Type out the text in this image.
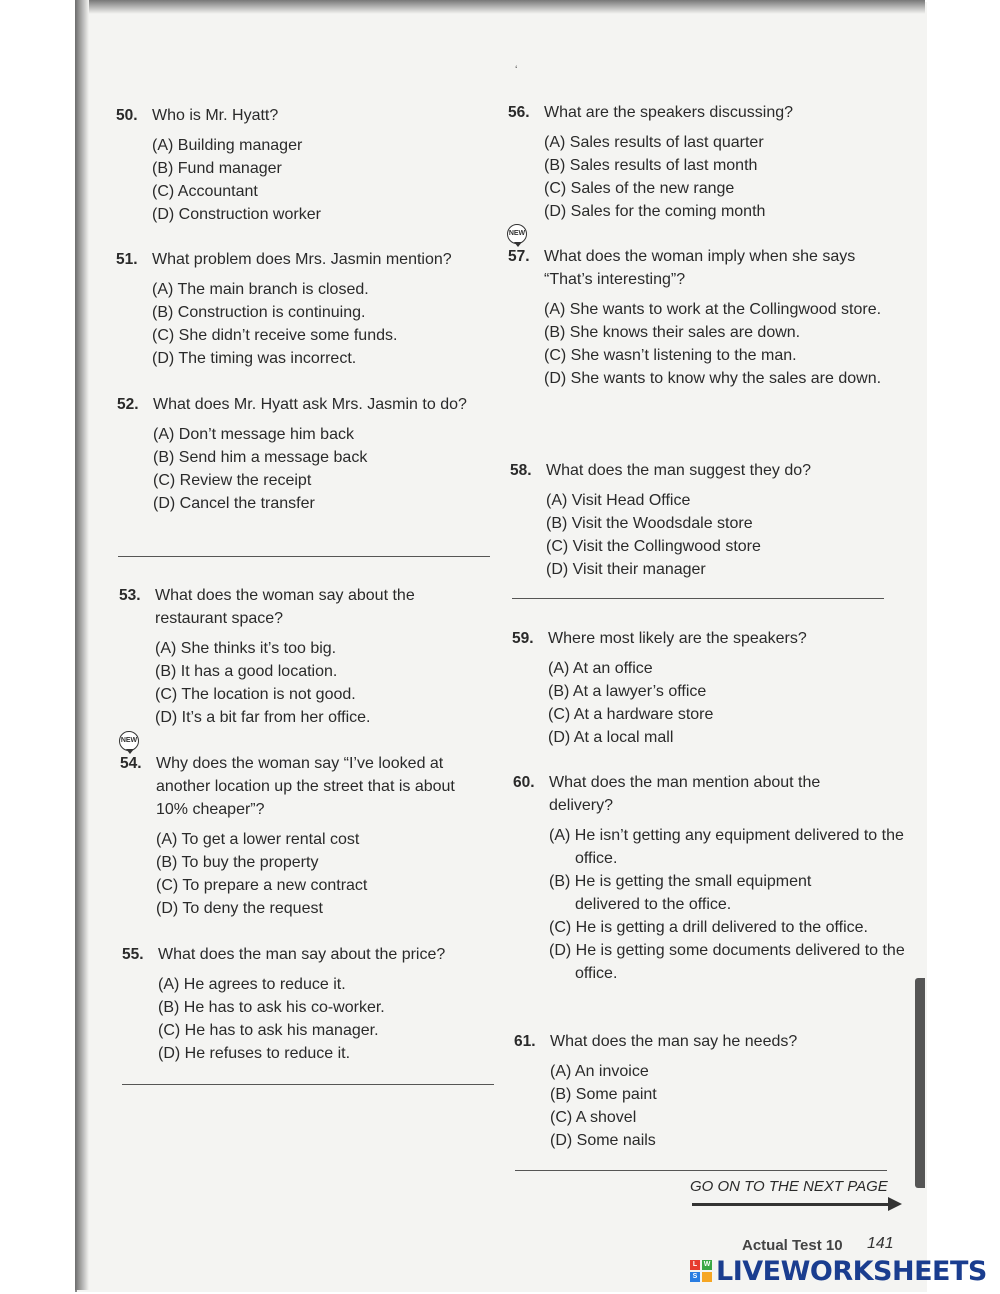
‘
50. Who is Mr. Hyatt?
(A) Building manager
(B) Fund manager
(C) Accountant
(D) Construction worker
51. What problem does Mrs. Jasmin mention?
(A) The main branch is closed.
(B) Construction is continuing.
(C) She didn’t receive some funds.
(D) The timing was incorrect.
52. What does Mr. Hyatt ask Mrs. Jasmin to do?
(A) Don’t message him back
(B) Send him a message back
(C) Review the receipt
(D) Cancel the transfer
53. What does the woman say about the restaurant space?
(A) She thinks it’s too big.
(B) It has a good location.
(C) The location is not good.
(D) It’s a bit far from her office.
NEW
54. Why does the woman say “I’ve looked at another location up the street that is about 10% cheaper”?
(A) To get a lower rental cost
(B) To buy the property
(C) To prepare a new contract
(D) To deny the request
55. What does the man say about the price?
(A) He agrees to reduce it.
(B) He has to ask his co-worker.
(C) He has to ask his manager.
(D) He refuses to reduce it.
56. What are the speakers discussing?
(A) Sales results of last quarter
(B) Sales results of last month
(C) Sales of the new range
(D) Sales for the coming month
NEW
57. What does the woman imply when she says “That’s interesting”?
(A) She wants to work at the Collingwood store.
(B) She knows their sales are down.
(C) She wasn’t listening to the man.
(D) She wants to know why the sales are down.
58. What does the man suggest they do?
(A) Visit Head Office
(B) Visit the Woodsdale store
(C) Visit the Collingwood store
(D) Visit their manager
59. Where most likely are the speakers?
(A) At an office
(B) At a lawyer’s office
(C) At a hardware store
(D) At a local mall
60. What does the man mention about the delivery?
(A) He isn’t getting any equipment delivered to the office.
(B) He is getting the small equipment delivered to the office.
(C) He is getting a drill delivered to the office.
(D) He is getting some documents delivered to the office.
61. What does the man say he needs?
(A) An invoice
(B) Some paint
(C) A shovel
(D) Some nails
GO ON TO THE NEXT PAGE
Actual Test 10 141
L W
S LIVEWORKSHEETS
